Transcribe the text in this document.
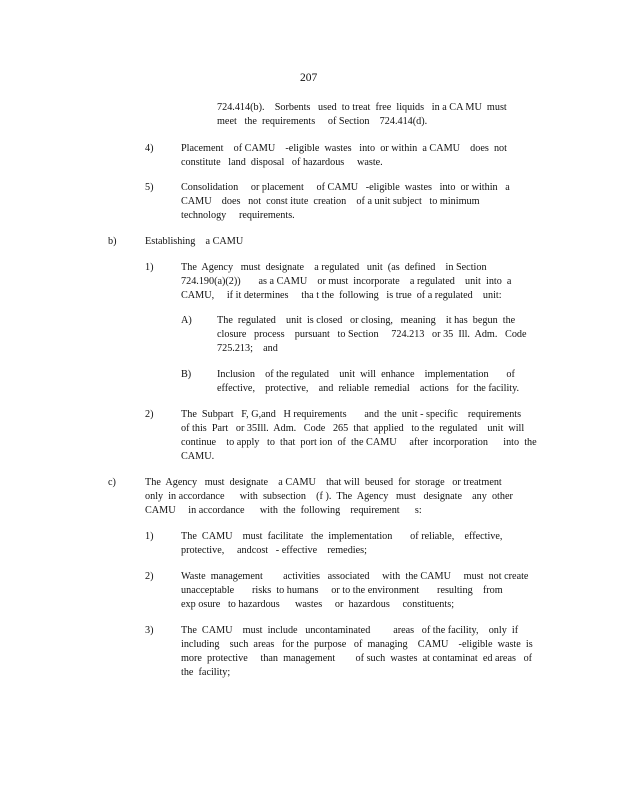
207
724.414(b).    Sorbents   used  to treat  free  liquids   in a CA MU  must
meet   the  requirements     of Section    724.414(d).
4)	Placement    of CAMU    -eligible  wastes   into  or within  a CAMU    does  not
constitute   land  disposal   of hazardous     waste.
5)	Consolidation     or placement     of CAMU   -eligible  wastes   into  or within   a
CAMU    does   not  const itute  creation    of a unit subject   to minimum
technology     requirements.
b)	Establishing    a CAMU
1)	The  Agency   must  designate    a regulated   unit  (as  defined    in Section
724.190(a)(2))       as a CAMU    or must  incorporate    a regulated    unit  into  a
CAMU,     if it determines     tha t the  following   is true  of a regulated    unit:
A) The  regulated    unit  is closed   or closing,   meaning    it has  begun  the
closure   process    pursuant   to Section     724.213   or 35  Ill.  Adm.   Code
725.213;    and
B)	Inclusion    of the regulated    unit  will  enhance    implementation       of
effective,    protective,    and  reliable  remedial    actions   for  the facility.
2)	The  Subpart   F, G,and   H requirements       and  the  unit - specific    requirements
of this  Part   or 35Ill.  Adm.   Code   265  that  applied   to the  regulated    unit  will
continue    to apply   to  that  port ion  of  the CAMU     after  incorporation      into  the
CAMU.
c)	The  Agency   must  designate    a CAMU    that will  beused  for  storage   or treatment
only  in accordance      with  subsection    (f ).  The  Agency   must   designate    any  other
CAMU     in accordance      with  the  following    requirement      s:
1)	The  CAMU    must  facilitate   the  implementation       of reliable,    effective,
protective,     andcost   - effective    remedies;
2)	Waste  management        activities   associated     with  the CAMU     must  not create
unacceptable       risks  to humans     or to the environment       resulting    from
exp osure   to hazardous      wastes     or  hazardous     constituents;
3)	The  CAMU    must  include   uncontaminated         areas   of the facility,    only  if
including    such  areas   for the  purpose   of  managing    CAMU    -eligible  waste  is
more  protective     than  management        of such  wastes  at contaminat  ed areas   of
the  facility;
